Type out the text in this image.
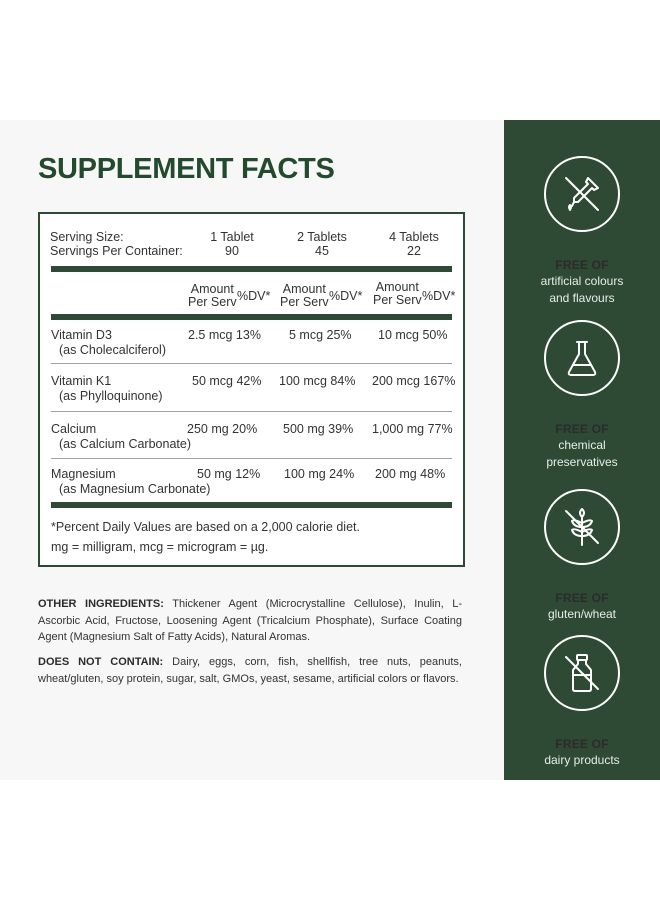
SUPPLEMENT FACTS
Serving Size:
Servings Per Container:
1 Tablet
90
2 Tablets
45
4 Tablets
22
Amount
Per Serv %DV* Amount
Per Serv %DV*
Amount
Per Serv %DV*
Vitamin D3
(as Cholecalciferol)
2.5 mcg 13% 5 mcg 25% 10 mcg 50%
Vitamin K1
(as Phylloquinone)
50 mcg 42% 100 mcg 84% 200 mcg 167%
Calcium
(as Calcium Carbonate)
250 mg 20% 500 mg 39% 1,000 mg 77%
Magnesium
(as Magnesium Carbonate)
50 mg 12% 100 mg 24% 200 mg 48%
*Percent Daily Values are based on a 2,000 calorie diet.
mg = milligram, mcg = microgram = µg.

OTHER INGREDIENTS: Thickener Agent (Microcrystalline Cellulose), Inulin, L-Ascorbic Acid, Fructose, Loosening Agent (Tricalcium Phosphate), Surface Coating Agent (Magnesium Salt of Fatty Acids), Natural Aromas.

DOES NOT CONTAIN: Dairy, eggs, corn, fish, shellfish, tree nuts, peanuts, wheat/gluten, soy protein, sugar, salt, GMOs, yeast, sesame, artificial colors or flavors.

FREE OF
artificial colours
and flavours
FREE OF
chemical
preservatives
FREE OF
gluten/wheat
FREE OF
dairy products
